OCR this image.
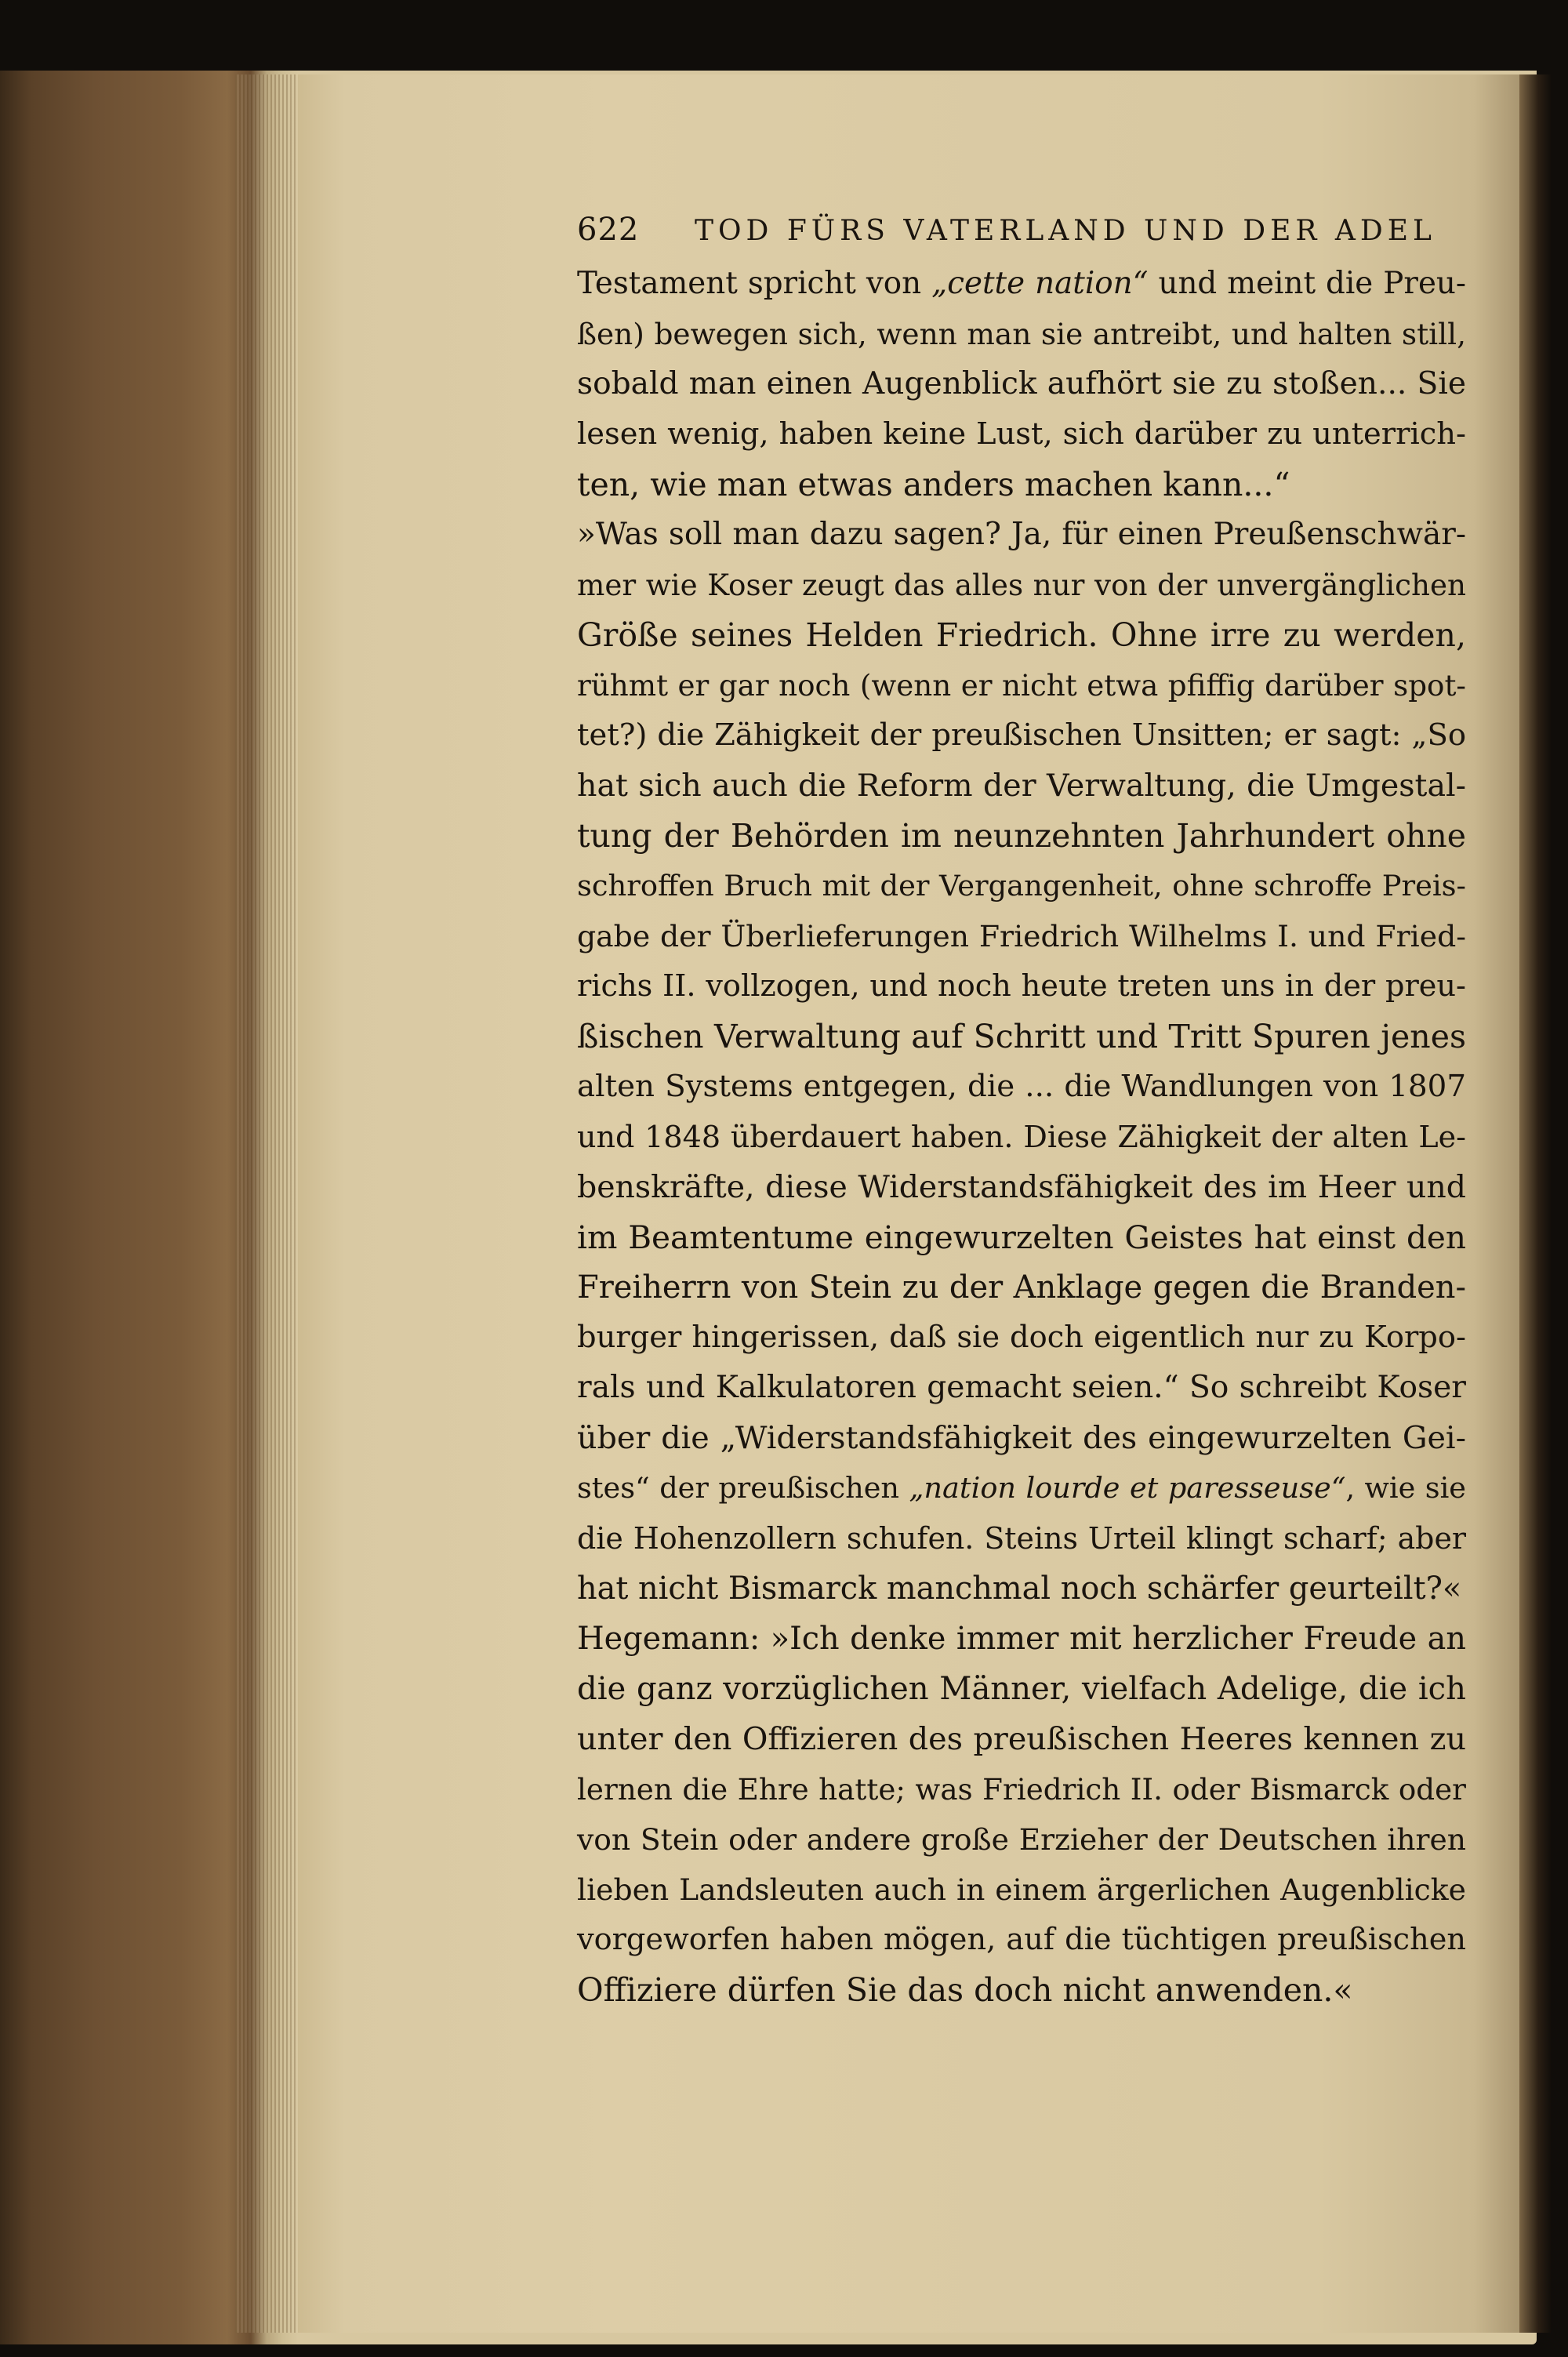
622	TOD FÜRS VATERLAND UND DER ADEL
Testament spricht von „cette nation“ und meint die Preu-
ßen) bewegen sich, wenn man sie antreibt, und halten still,
sobald man einen Augenblick aufhört sie zu stoßen... Sie
lesen wenig, haben keine Lust, sich darüber zu unterrich-
ten, wie man etwas anders machen kann...“
»Was soll man dazu sagen? Ja, für einen Preußenschwär-
mer wie Koser zeugt das alles nur von der unvergänglichen
Größe seines Helden Friedrich. Ohne irre zu werden,
rühmt er gar noch (wenn er nicht etwa pfiffig darüber spot-
tet?) die Zähigkeit der preußischen Unsitten; er sagt: „So
hat sich auch die Reform der Verwaltung, die Umgestal-
tung der Behörden im neunzehnten Jahrhundert ohne
schroffen Bruch mit der Vergangenheit, ohne schroffe Preis-
gabe der Überlieferungen Friedrich Wilhelms I. und Fried-
richs II. vollzogen, und noch heute treten uns in der preu-
ßischen Verwaltung auf Schritt und Tritt Spuren jenes
alten Systems entgegen, die ... die Wandlungen von 1807
und 1848 überdauert haben. Diese Zähigkeit der alten Le-
benskräfte, diese Widerstandsfähigkeit des im Heer und
im Beamtentume eingewurzelten Geistes hat einst den
Freiherrn von Stein zu der Anklage gegen die Branden-
burger hingerissen, daß sie doch eigentlich nur zu Korpo-
rals und Kalkulatoren gemacht seien.“ So schreibt Koser
über die „Widerstandsfähigkeit des eingewurzelten Gei-
stes“ der preußischen „nation lourde et paresseuse“, wie sie
die Hohenzollern schufen. Steins Urteil klingt scharf; aber
hat nicht Bismarck manchmal noch schärfer geurteilt?«
Hegemann: »Ich denke immer mit herzlicher Freude an
die ganz vorzüglichen Männer, vielfach Adelige, die ich
unter den Offizieren des preußischen Heeres kennen zu
lernen die Ehre hatte; was Friedrich II. oder Bismarck oder
von Stein oder andere große Erzieher der Deutschen ihren
lieben Landsleuten auch in einem ärgerlichen Augenblicke
vorgeworfen haben mögen, auf die tüchtigen preußischen
Offiziere dürfen Sie das doch nicht anwenden.«
